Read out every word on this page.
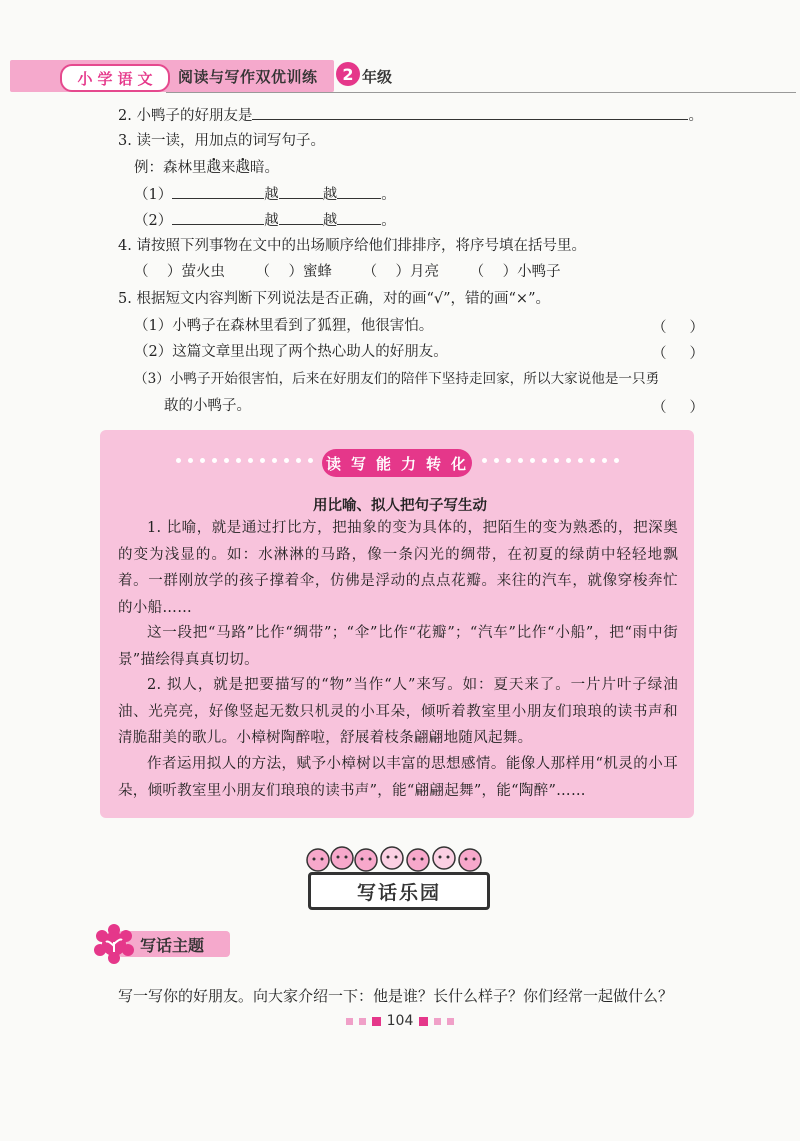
小 学 语 文 阅读与写作双优训练	2 年级
2. 小鸭子的好朋友是	。
3. 读一读，用加点的词写句子。
例：森林里越来越暗。
（1）	越	越	。
（2）	越	越	。
4. 请按照下列事物在文中的出场顺序给他们排排序，将序号填在括号里。
（    ）萤火虫 （    ）蜜蜂 （    ）月亮 （    ）小鸭子
5. 根据短文内容判断下列说法是否正确，对的画“√”，错的画“×”。
（1）小鸭子在森林里看到了狐狸，他很害怕。	（     ）
（2）这篇文章里出现了两个热心助人的好朋友。	（     ）
（3）小鸭子开始很害怕，后来在好朋友们的陪伴下坚持走回家，所以大家说他是一只勇
敢的小鸭子。	（     ）
读 写 能 力 转 化
用比喻、拟人把句子写生动
1. 比喻，就是通过打比方，把抽象的变为具体的，把陌生的变为熟悉的，把深奥的变为浅显的。如：水淋淋的马路，像一条闪光的绸带，在初夏的绿荫中轻轻地飘着。一群刚放学的孩子撑着伞，仿佛是浮动的点点花瓣。来往的汽车，就像穿梭奔忙的小船……
这一段把“马路”比作“绸带”；“伞”比作“花瓣”；“汽车”比作“小船”，把“雨中街景”描绘得真真切切。
2. 拟人，就是把要描写的“物”当作“人”来写。如：夏天来了。一片片叶子绿油油、光亮亮，好像竖起无数只机灵的小耳朵，倾听着教室里小朋友们琅琅的读书声和清脆甜美的歌儿。小樟树陶醉啦，舒展着枝条翩翩地随风起舞。
作者运用拟人的方法，赋予小樟树以丰富的思想感情。能像人那样用“机灵的小耳朵，倾听教室里小朋友们琅琅的读书声”，能“翩翩起舞”，能“陶醉”……
写话乐园
写话主题
写一写你的好朋友。向大家介绍一下：他是谁？长什么样子？你们经常一起做什么？
104
